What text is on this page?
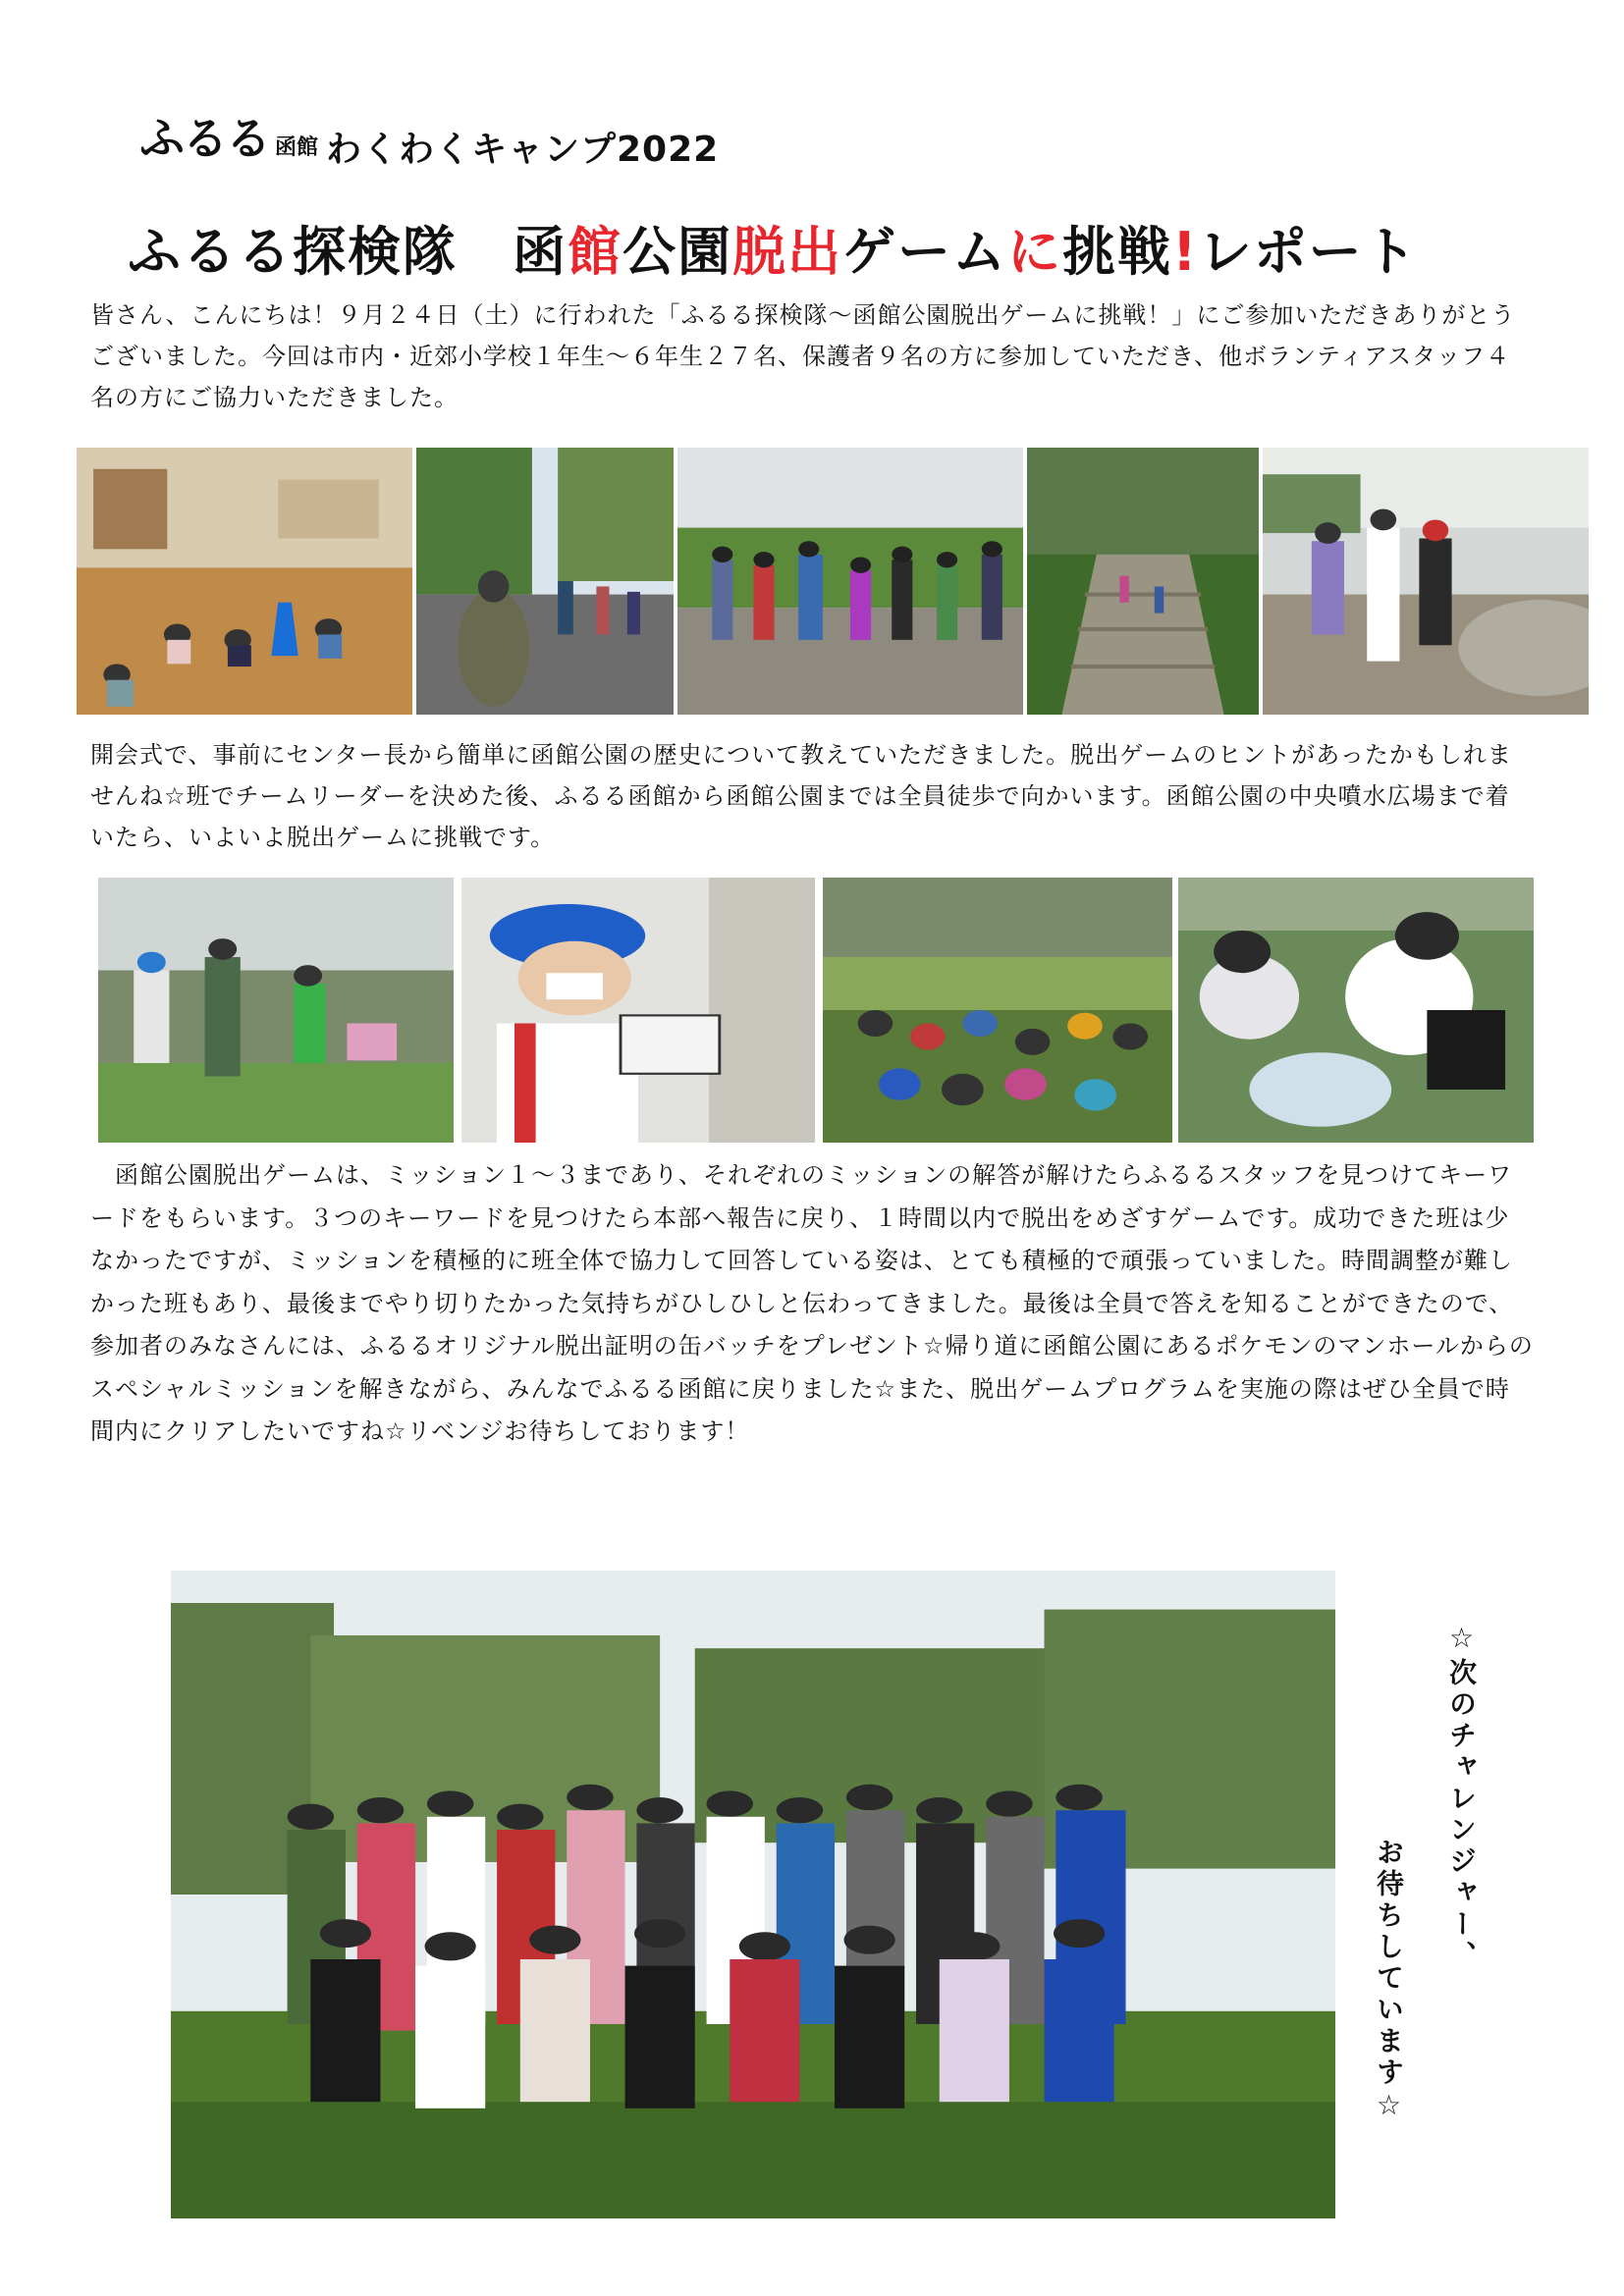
ふるる 函館 わくわくキャンプ2022
ふるる探検隊　函館公園脱出ゲームに挑戦!レポート

皆さん、こんにちは！９月２４日（土）に行われた「ふるる探検隊～函館公園脱出ゲームに挑戦！」にご参加いただきありがとうございました。今回は市内・近郊小学校１年生～６年生２７名、保護者９名の方に参加していただき、他ボランティアスタッフ４名の方にご協力いただきました。

開会式で、事前にセンター長から簡単に函館公園の歴史について教えていただきました。脱出ゲームのヒントがあったかもしれませんね☆班でチームリーダーを決めた後、ふるる函館から函館公園までは全員徒歩で向かいます。函館公園の中央噴水広場まで着いたら、いよいよ脱出ゲームに挑戦です。

　函館公園脱出ゲームは、ミッション１～３まであり、それぞれのミッションの解答が解けたらふるるスタッフを見つけてキーワードをもらいます。３つのキーワードを見つけたら本部へ報告に戻り、１時間以内で脱出をめざすゲームです。成功できた班は少なかったですが、ミッションを積極的に班全体で協力して回答している姿は、とても積極的で頑張っていました。時間調整が難しかった班もあり、最後までやり切りたかった気持ちがひしひしと伝わってきました。最後は全員で答えを知ることができたので、参加者のみなさんには、ふるるオリジナル脱出証明の缶バッチをプレゼント☆帰り道に函館公園にあるポケモンのマンホールからのスペシャルミッションを解きながら、みんなでふるる函館に戻りました☆また、脱出ゲームプログラムを実施の際はぜひ全員で時間内にクリアしたいですね☆リベンジお待ちしております！

☆次のチャレンジャー、
お待ちしています☆
